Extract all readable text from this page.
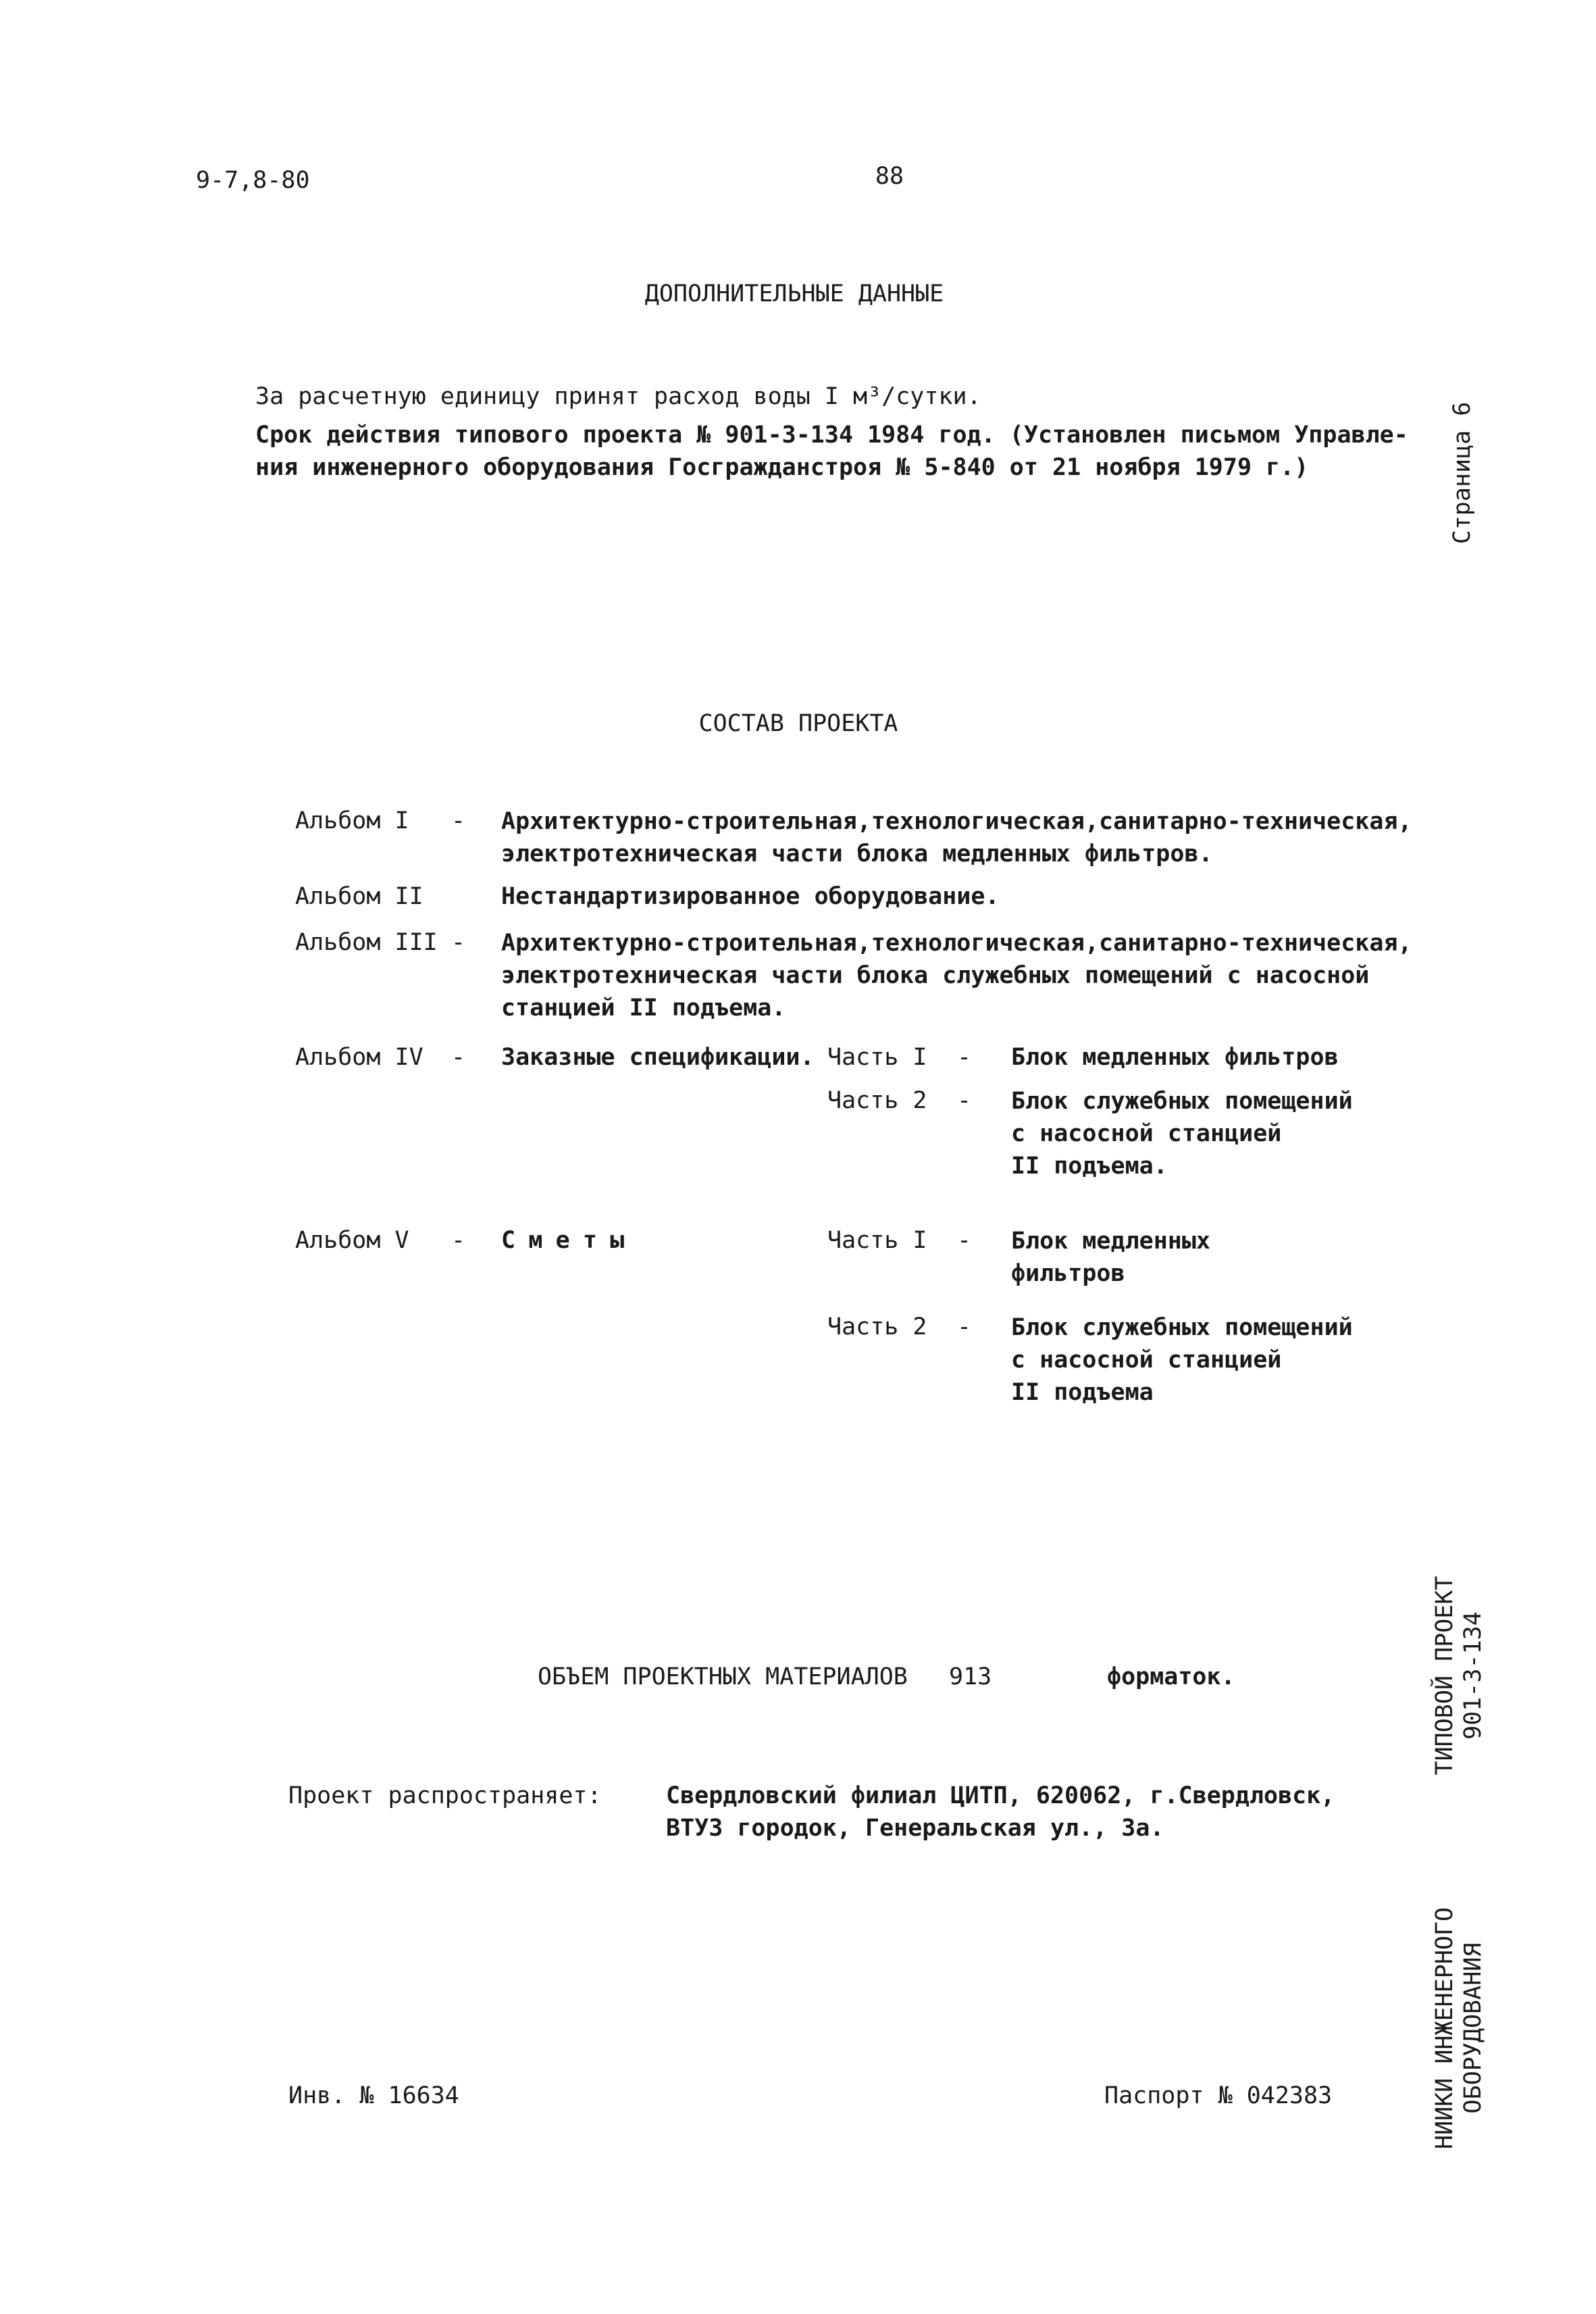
9-7,8-80	88
ДОПОЛНИТЕЛЬНЫЕ ДАННЫЕ
За расчетную единицу принят расход воды I м³/сутки.
Срок действия типового проекта № 901-3-134 1984 год. (Установлен письмом Управле-
ния инженерного оборудования Госгражданстроя № 5-840 от 21 ноября 1979 г.)	Страница 6
СОСТАВ ПРОЕКТА
Альбом I - Архитектурно-строительная,технологическая,санитарно-техническая,
электротехническая части блока медленных фильтров.
Альбом II	Нестандартизированное оборудование.
Альбом III - Архитектурно-строительная,технологическая,санитарно-техническая,
электротехническая части блока служебных помещений с насосной
станцией II подъема.
Альбом IV - Заказные спецификации. Часть I - Блок медленных фильтров
Часть 2 - Блок служебных помещений
с насосной станцией
II подъема.
Альбом V - Сметы	Часть I - Блок медленных
фильтров
Часть 2 - Блок служебных помещений
с насосной станцией
II подъема
ОБЪЕМ ПРОЕКТНЫХ МАТЕРИАЛОВ 913	форматок.
Проект распространяет:	Свердловский филиал ЦИТП, 620062, г.Свердловск,
ВТУЗ городок, Генеральская ул., 3а.
Инв. № 16634	Паспорт № 042383
ТИПОВОЙ ПРОЕКТ 901-3-134
НИИКИ ИНЖЕНЕРНОГО ОБОРУДОВАНИЯ
